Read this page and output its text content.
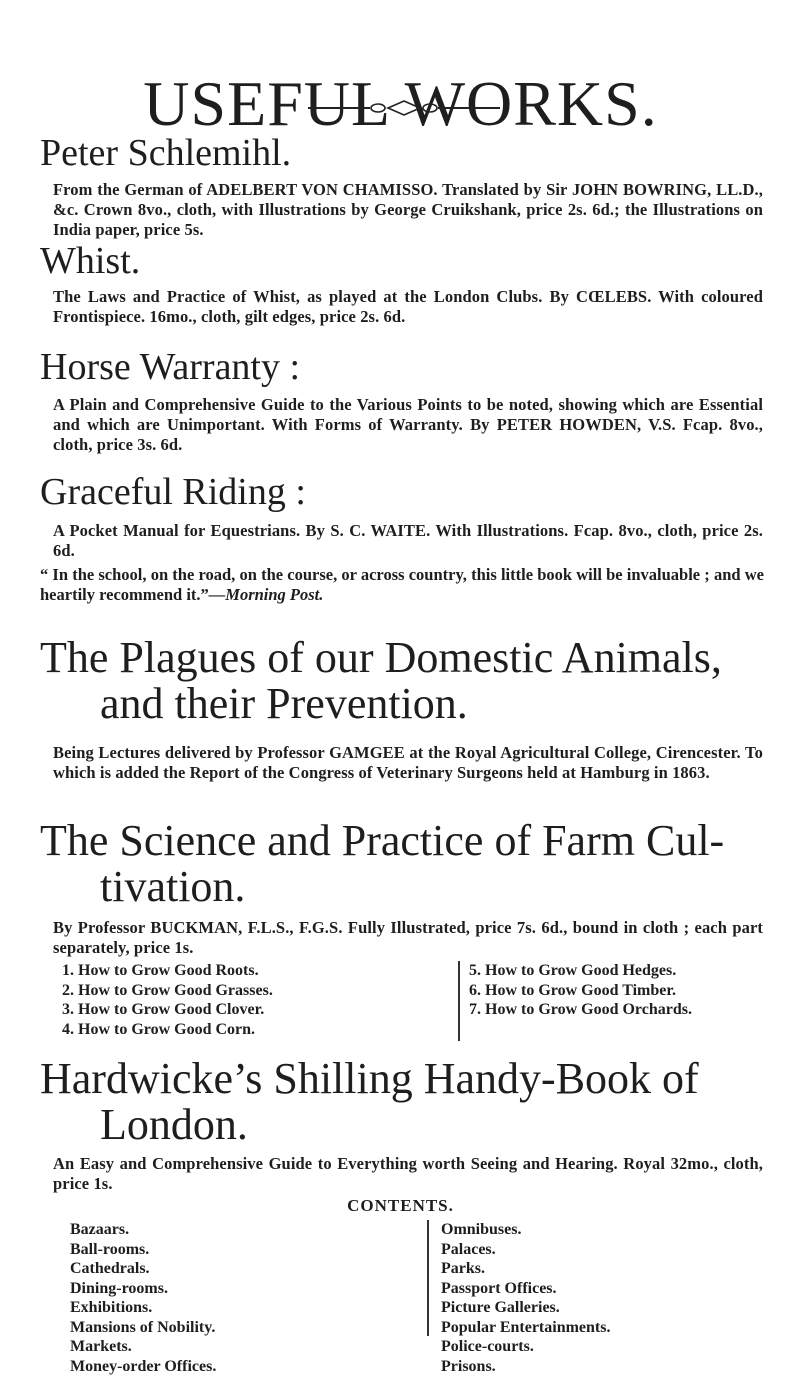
USEFUL WORKS.
Peter Schlemihl.

From the German of ADELBERT VON CHAMISSO. Translated by Sir JOHN BOWRING, LL.D., &c. Crown 8vo., cloth, with Illustrations by George Cruikshank, price 2s. 6d.; the Illustrations on India paper, price 5s.

Whist.

The Laws and Practice of Whist, as played at the London Clubs. By CŒLEBS. With coloured Frontispiece. 16mo., cloth, gilt edges, price 2s. 6d.

Horse Warranty :

A Plain and Comprehensive Guide to the Various Points to be noted, showing which are Essential and which are Unimportant. With Forms of Warranty. By PETER HOWDEN, V.S. Fcap. 8vo., cloth, price 3s. 6d.

Graceful Riding :

A Pocket Manual for Equestrians. By S. C. WAITE. With Illustrations. Fcap. 8vo., cloth, price 2s. 6d.

“ In the school, on the road, on the course, or across country, this little book will be invaluable ; and we heartily recommend it.”—Morning Post.

The Plagues of our Domestic Animals,
and their Prevention.

Being Lectures delivered by Professor GAMGEE at the Royal Agricultural College, Cirencester. To which is added the Report of the Congress of Veterinary Surgeons held at Hamburg in 1863.

The Science and Practice of Farm Cul-
tivation.

By Professor BUCKMAN, F.L.S., F.G.S. Fully Illustrated, price 7s. 6d., bound in cloth ; each part separately, price 1s.

1. How to Grow Good Roots.
2. How to Grow Good Grasses.
3. How to Grow Good Clover.
4. How to Grow Good Corn.
5. How to Grow Good Hedges.
6. How to Grow Good Timber.
7. How to Grow Good Orchards.
Hardwicke’s Shilling Handy-Book of
London.

An Easy and Comprehensive Guide to Everything worth Seeing and Hearing. Royal 32mo., cloth, price 1s.

CONTENTS.
Bazaars.
Ball-rooms.
Cathedrals.
Dining-rooms.
Exhibitions.
Mansions of Nobility.
Markets.
Money-order Offices.
Omnibuses.
Palaces.
Parks.
Passport Offices.
Picture Galleries.
Popular Entertainments.
Police-courts.
Prisons.
